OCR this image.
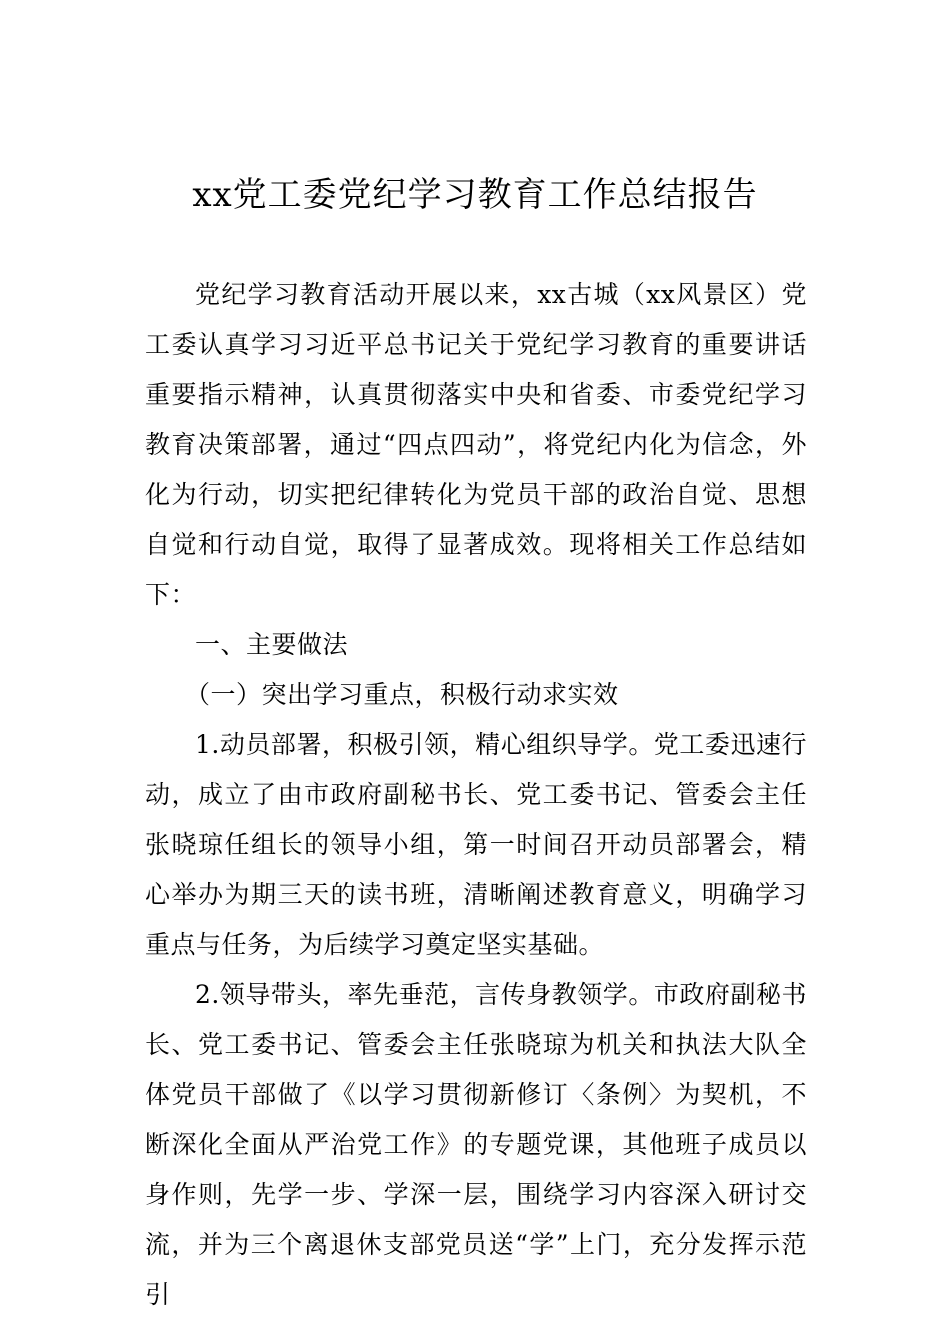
xx党工委党纪学习教育工作总结报告

党纪学习教育活动开展以来，xx古城（xx风景区）党工委认真学习习近平总书记关于党纪学习教育的重要讲话重要指示精神，认真贯彻落实中央和省委、市委党纪学习教育决策部署，通过“四点四动”，将党纪内化为信念，外化为行动，切实把纪律转化为党员干部的政治自觉、思想自觉和行动自觉，取得了显著成效。现将相关工作总结如下：

一、主要做法

（一）突出学习重点，积极行动求实效

1.动员部署，积极引领，精心组织导学。党工委迅速行动，成立了由市政府副秘书长、党工委书记、管委会主任张晓琼任组长的领导小组，第一时间召开动员部署会，精心举办为期三天的读书班，清晰阐述教育意义，明确学习重点与任务，为后续学习奠定坚实基础。

2.领导带头，率先垂范，言传身教领学。市政府副秘书长、党工委书记、管委会主任张晓琼为机关和执法大队全体党员干部做了《以学习贯彻新修订〈条例〉为契机，不断深化全面从严治党工作》的专题党课，其他班子成员以身作则，先学一步、学深一层，围绕学习内容深入研讨交流，并为三个离退休支部党员送“学”上门，充分发挥示范引
